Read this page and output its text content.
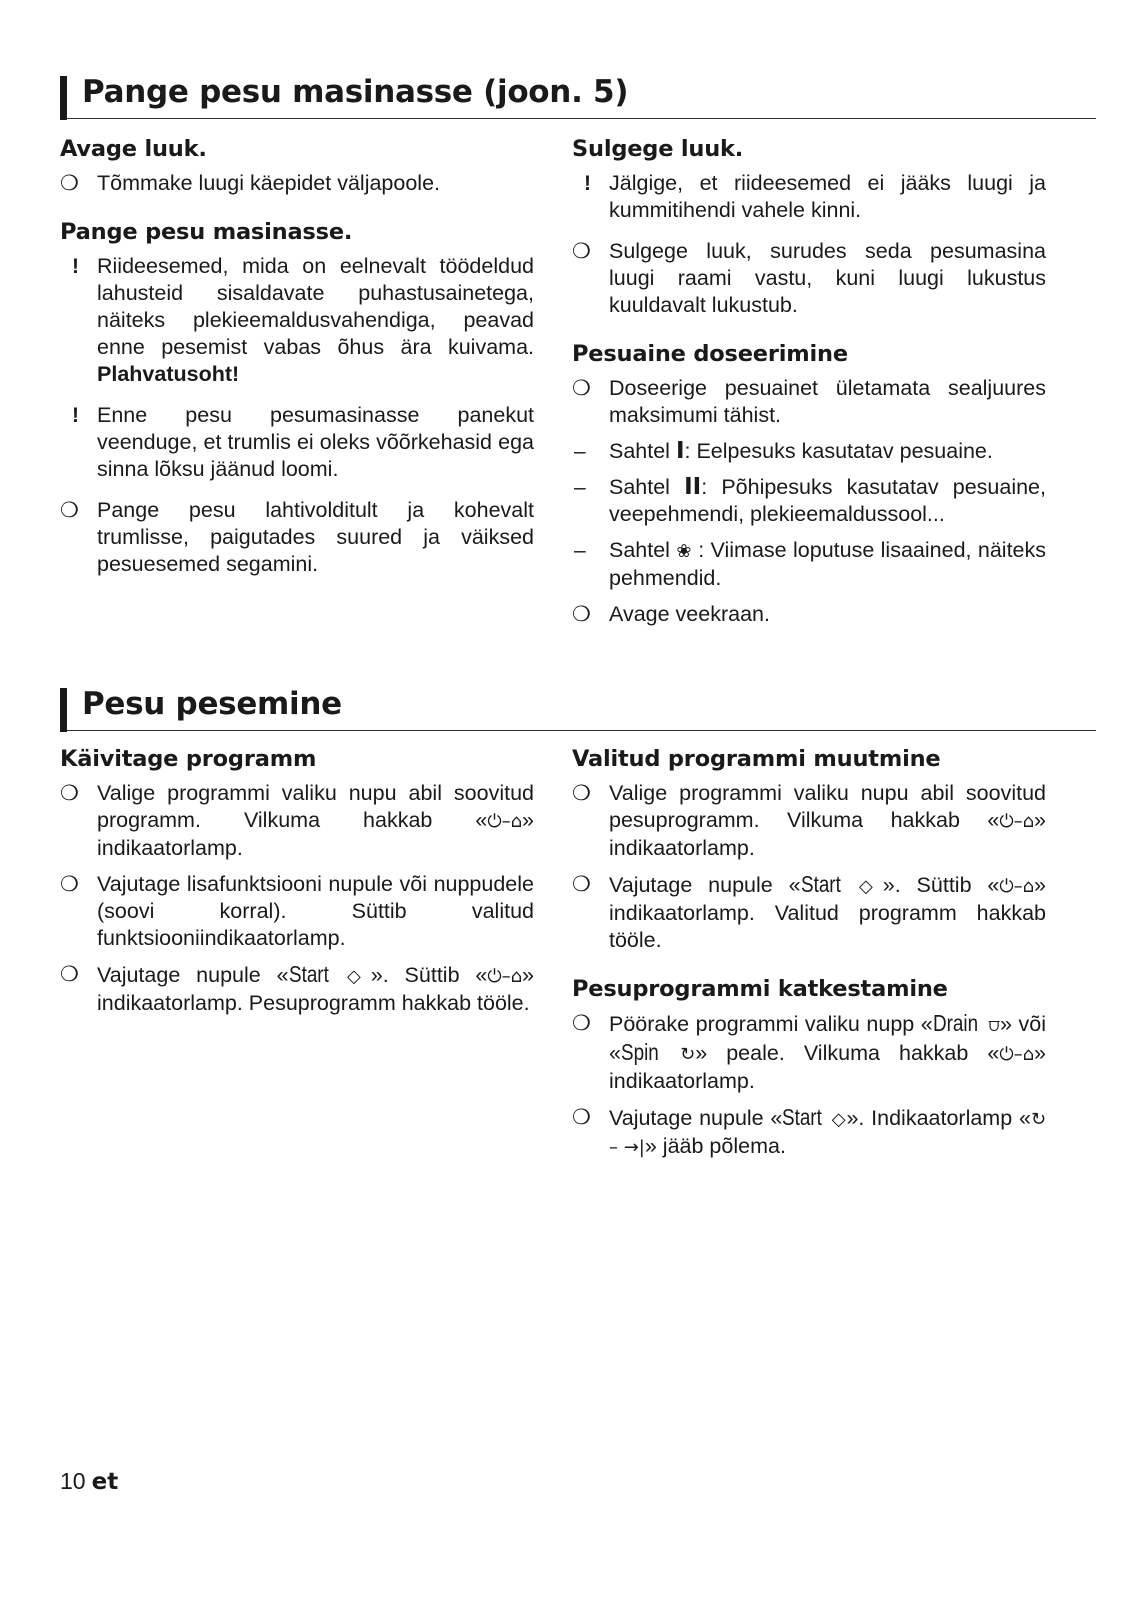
Pange pesu masinasse (joon. 5)
Avage luuk.
❍ Tõmmake luugi käepidet väljapoole.
Pange pesu masinasse.
! Riideesemed, mida on eelnevalt töödeldud lahusteid sisaldavate puhastusainetega, näiteks plekieemaldusvahendiga, peavad enne pesemist vabas õhus ära kuivama. Plahvatusoht!
! Enne pesu pesumasinasse panekut veenduge, et trumlis ei oleks võõrkehasid ega sinna lõksu jäänud loomi.
❍ Pange pesu lahtivolditult ja kohevalt trumlisse, paigutades suured ja väiksed pesuesemed segamini.
Sulgege luuk.
! Jälgige, et riideesemed ei jääks luugi ja kummitihendi vahele kinni.
❍ Sulgege luuk, surudes seda pesumasina luugi raami vastu, kuni luugi lukustus kuuldavalt lukustub.
Pesuaine doseerimine
❍ Doseerige pesuainet ületamata sealjuures maksimumi tähist.
–	Sahtel I: Eelpesuks kasutatav pesuaine.
–	Sahtel II: Põhipesuks kasutatav pesuaine, veepehmendi, plekieemaldussool...
–	Sahtel ❀ : Viimase loputuse lisaained, näiteks pehmendid.
❍ Avage veekraan.
Pesu pesemine
Käivitage programm
❍ Valige programmi valiku nupu abil soovitud programm. Vilkuma hakkab «⏻–⌂» indikaatorlamp.
❍ Vajutage lisafunktsiooni nupule või nuppudele (soovi korral). Süttib valitud funktsiooniindikaatorlamp.
❍ Vajutage nupule «Start ◇». Süttib «⏻–⌂» indikaatorlamp. Pesuprogramm hakkab tööle.
Valitud programmi muutmine
❍ Valige programmi valiku nupu abil soovitud pesuprogramm. Vilkuma hakkab «⏻–⌂» indikaatorlamp.
❍ Vajutage nupule «Start ◇». Süttib «⏻–⌂» indikaatorlamp. Valitud programm hakkab tööle.
Pesuprogrammi katkestamine
❍ Pöörake programmi valiku nupp «Drain ⩌» või «Spin ↻» peale. Vilkuma hakkab «⏻–⌂» indikaatorlamp.
❍ Vajutage nupule «Start ◇». Indikaatorlamp «↻ – →|» jääb põlema.
10 et
